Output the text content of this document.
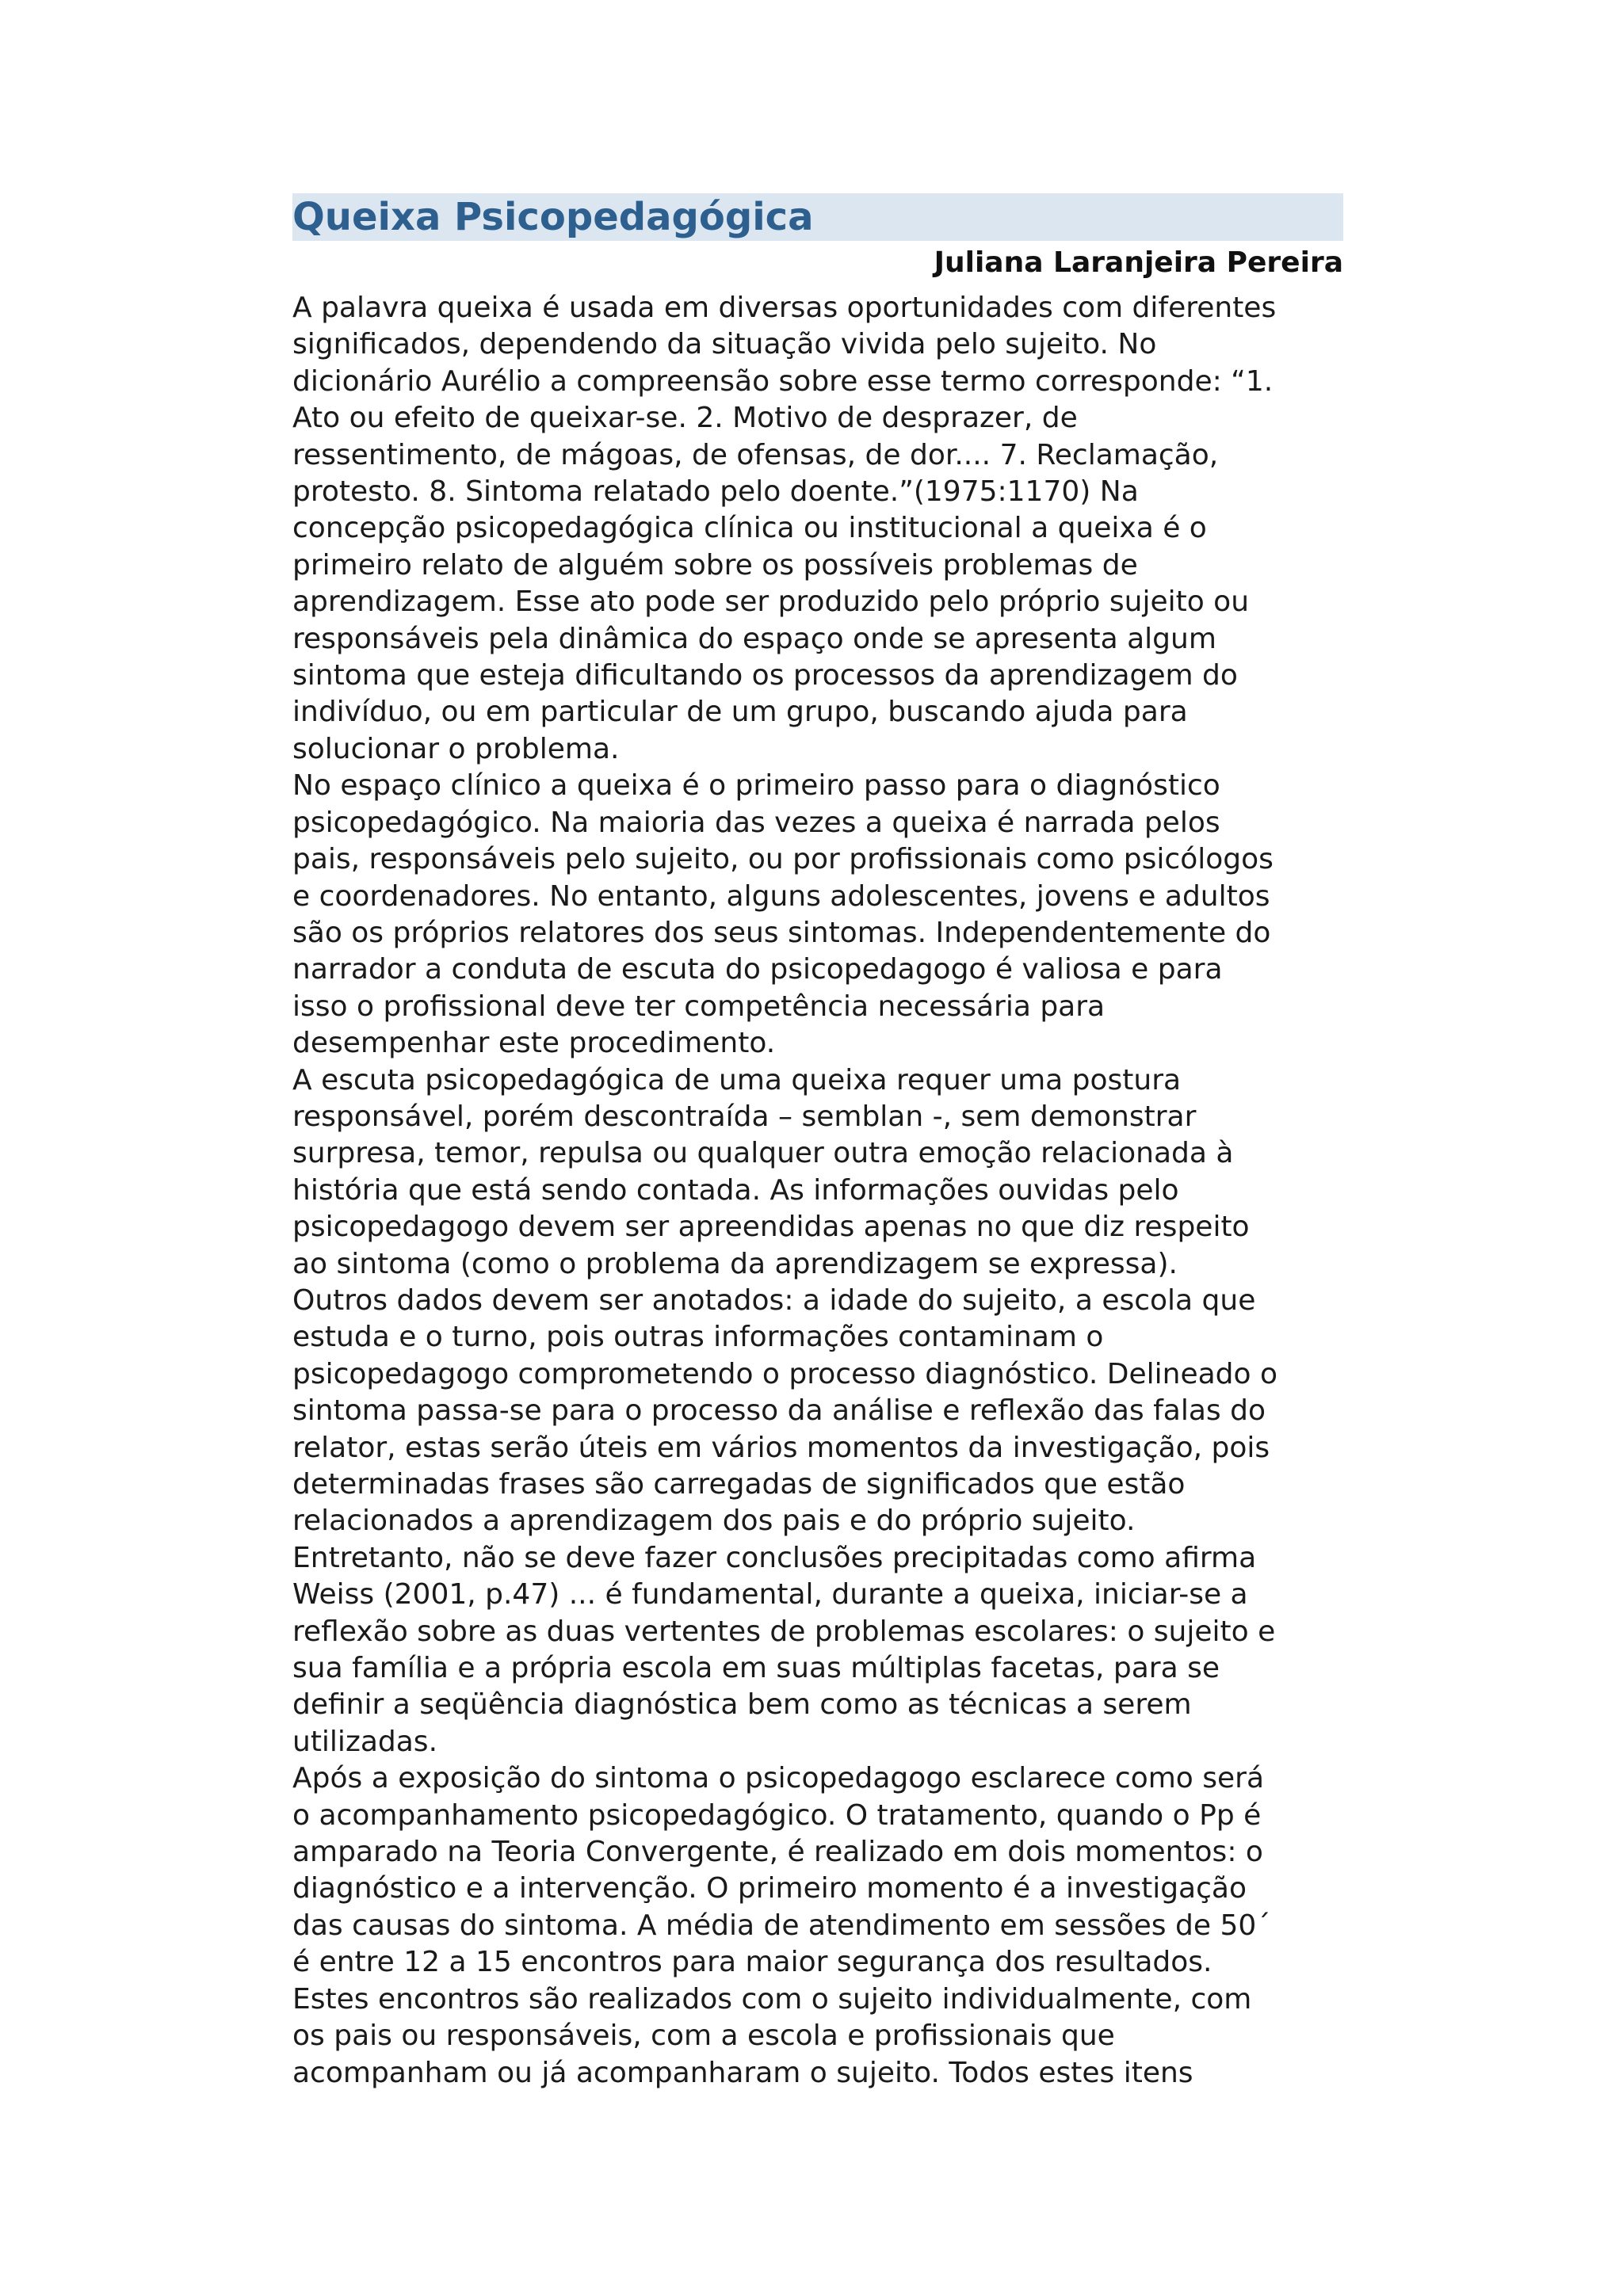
Queixa Psicopedagógica

Juliana Laranjeira Pereira

A palavra queixa é usada em diversas oportunidades com diferentes

significados, dependendo da situação vivida pelo sujeito. No

dicionário Aurélio a compreensão sobre esse termo corresponde: “1.

Ato ou efeito de queixar-se. 2. Motivo de desprazer, de

ressentimento, de mágoas, de ofensas, de dor.... 7. Reclamação,

protesto. 8. Sintoma relatado pelo doente.”(1975:1170) Na

concepção psicopedagógica clínica ou institucional a queixa é o

primeiro relato de alguém sobre os possíveis problemas de

aprendizagem. Esse ato pode ser produzido pelo próprio sujeito ou

responsáveis pela dinâmica do espaço onde se apresenta algum

sintoma que esteja dificultando os processos da aprendizagem do

indivíduo, ou em particular de um grupo, buscando ajuda para

solucionar o problema.

No espaço clínico a queixa é o primeiro passo para o diagnóstico

psicopedagógico. Na maioria das vezes a queixa é narrada pelos

pais, responsáveis pelo sujeito, ou por profissionais como psicólogos

e coordenadores. No entanto, alguns adolescentes, jovens e adultos

são os próprios relatores dos seus sintomas. Independentemente do

narrador a conduta de escuta do psicopedagogo é valiosa e para

isso o profissional deve ter competência necessária para

desempenhar este procedimento.

A escuta psicopedagógica de uma queixa requer uma postura

responsável, porém descontraída – semblan -, sem demonstrar

surpresa, temor, repulsa ou qualquer outra emoção relacionada à

história que está sendo contada. As informações ouvidas pelo

psicopedagogo devem ser apreendidas apenas no que diz respeito

ao sintoma (como o problema da aprendizagem se expressa).

Outros dados devem ser anotados: a idade do sujeito, a escola que

estuda e o turno, pois outras informações contaminam o

psicopedagogo comprometendo o processo diagnóstico. Delineado o

sintoma passa-se para o processo da análise e reflexão das falas do

relator, estas serão úteis em vários momentos da investigação, pois

determinadas frases são carregadas de significados que estão

relacionados a aprendizagem dos pais e do próprio sujeito.

Entretanto, não se deve fazer conclusões precipitadas como afirma

Weiss (2001, p.47) ... é fundamental, durante a queixa, iniciar-se a

reflexão sobre as duas vertentes de problemas escolares: o sujeito e

sua família e a própria escola em suas múltiplas facetas, para se

definir a seqüência diagnóstica bem como as técnicas a serem

utilizadas.

Após a exposição do sintoma o psicopedagogo esclarece como será

o acompanhamento psicopedagógico. O tratamento, quando o Pp é

amparado na Teoria Convergente, é realizado em dois momentos: o

diagnóstico e a intervenção. O primeiro momento é a investigação

das causas do sintoma. A média de atendimento em sessões de 50´

é entre 12 a 15 encontros para maior segurança dos resultados.

Estes encontros são realizados com o sujeito individualmente, com

os pais ou responsáveis, com a escola e profissionais que

acompanham ou já acompanharam o sujeito. Todos estes itens
